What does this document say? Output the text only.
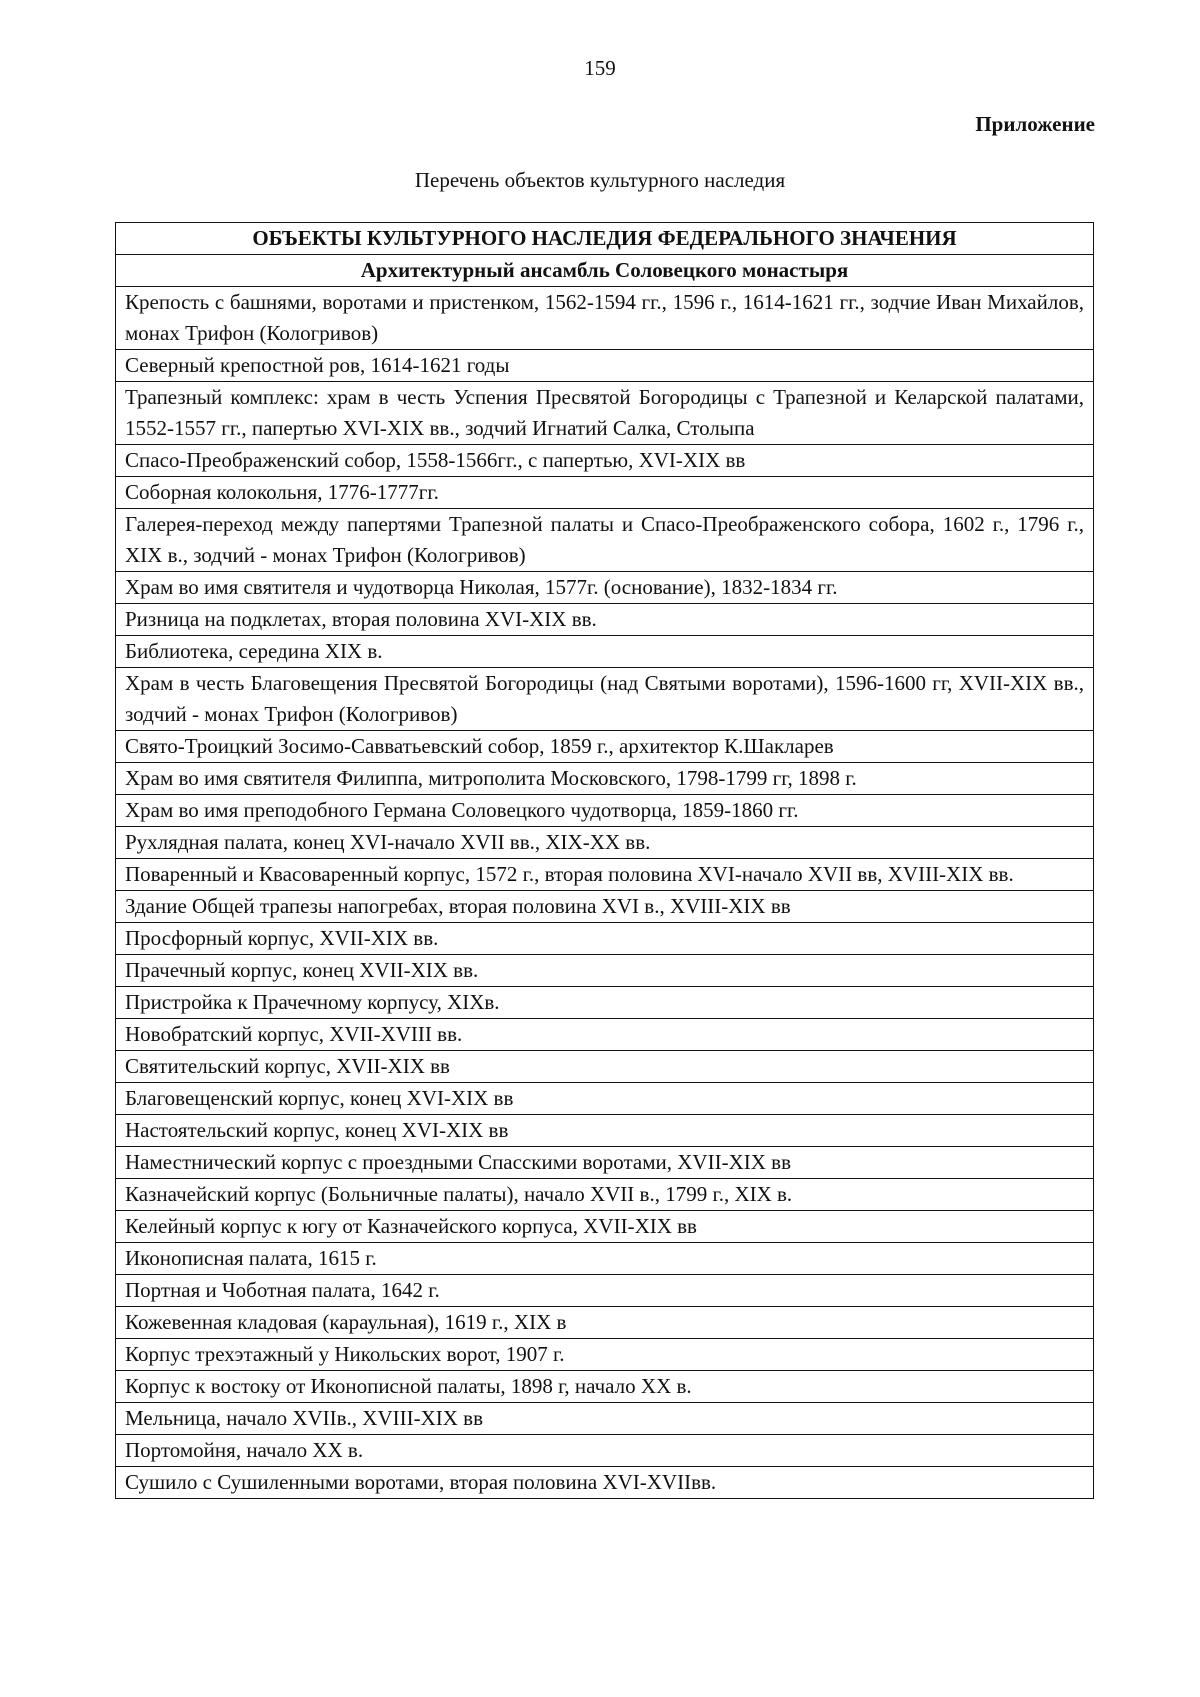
159
Приложение
Перечень объектов культурного наследия
ОБЪЕКТЫ КУЛЬТУРНОГО НАСЛЕДИЯ ФЕДЕРАЛЬНОГО ЗНАЧЕНИЯ
Архитектурный ансамбль Соловецкого монастыря
Крепость с башнями, воротами и пристенком, 1562-1594 гг., 1596 г., 1614-1621 гг., зодчие Иван Михайлов, монах Трифон (Кологривов)
Северный крепостной ров, 1614-1621 годы
Трапезный комплекс: храм в честь Успения Пресвятой Богородицы с Трапезной и Келарской палатами, 1552-1557 гг., папертью XVI-XIX вв., зодчий Игнатий Салка, Столыпа
Спасо-Преображенский собор, 1558-1566гг., с папертью, XVI-XIX вв
Соборная колокольня, 1776-1777гг.
Галерея-переход между папертями Трапезной палаты и Спасо-Преображенского собора, 1602 г., 1796 г., XIX в., зодчий - монах Трифон (Кологривов)
Храм во имя святителя и чудотворца Николая, 1577г. (основание), 1832-1834 гг.
Ризница на подклетах, вторая половина XVI-XIX вв.
Библиотека, середина XIX в.
Храм в честь Благовещения Пресвятой Богородицы (над Святыми воротами), 1596-1600 гг, XVII-XIX вв., зодчий - монах Трифон (Кологривов)
Свято-Троицкий Зосимо-Савватьевский собор, 1859 г., архитектор К.Шакларев
Храм во имя святителя Филиппа, митрополита Московского, 1798-1799 гг, 1898 г.
Храм во имя преподобного Германа Соловецкого чудотворца, 1859-1860 гг.
Рухлядная палата, конец XVI-начало XVII вв., XIX-XX вв.
Поваренный и Квасоваренный корпус, 1572 г., вторая половина XVI-начало XVII вв, XVIII-XIX вв.
Здание Общей трапезы напогребах, вторая половина XVI в., XVIII-XIX вв
Просфорный корпус, XVII-XIX вв.
Прачечный корпус, конец XVII-XIX вв.
Пристройка к Прачечному корпусу, XIXв.
Новобратский корпус, XVII-XVIII вв.
Святительский корпус, XVII-XIX вв
Благовещенский корпус, конец XVI-XIX вв
Настоятельский корпус, конец XVI-XIX вв
Наместнический корпус с проездными Спасскими воротами, XVII-XIX вв
Казначейский корпус (Больничные палаты), начало XVII в., 1799 г., XIX в.
Келейный корпус к югу от Казначейского корпуса, XVII-XIX вв
Иконописная палата, 1615 г.
Портная и Чоботная палата, 1642 г.
Кожевенная кладовая (караульная), 1619 г., XIX в
Корпус трехэтажный у Никольских ворот, 1907 г.
Корпус к востоку от Иконописной палаты, 1898 г, начало XX в.
Мельница, начало XVIIв., XVIII-XIX вв
Портомойня, начало XX в.
Сушило с Сушиленными воротами, вторая половина XVI-XVIIвв.
